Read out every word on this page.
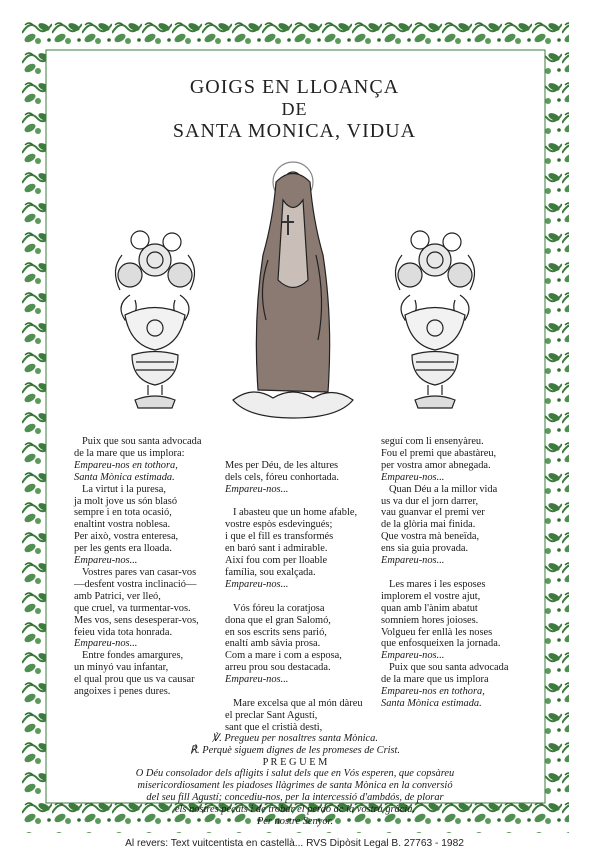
GOIGS EN LLOANÇA
DE
SANTA MONICA, VIDUA
Puix que sou santa advocada
de la mare que us implora:
Empareu-nos en tothora,
Santa Mònica estimada.
La virtut i la puresa,
ja molt jove us són blasó
sempre i en tota ocasió,
enaltint vostra noblesa.
Per això, vostra enteresa,
per les gents era lloada.
Empareu-nos...
Vostres pares van casar-vos
—desfent vostra inclinació—
amb Patrici, ver lleó,
que cruel, va turmentar-vos.
Mes vos, sens desesperar-vos,
feieu vida tota honrada.
Empareu-nos...
Entre fondes amargures,
un minyó vau infantar,
el qual prou que us va causar
angoixes i penes dures.

Mes per Déu, de les altures
dels cels, fóreu conhortada.
Empareu-nos...

I abasteu que un home afable,
vostre espòs esdevingués;
i que el fill es transformés
en baró sant i admirable.
Així fou com per lloable
família, sou exalçada.
Empareu-nos...

Vós fóreu la coratjosa
dona que el gran Salomó,
en sos escrits sens parió,
enaltí amb sàvia prosa.
Com a mare i com a esposa,
arreu prou sou destacada.
Empareu-nos...

Mare excelsa que al món dàreu
el preclar Sant Agustí,
sant que el cristià desti,
seguí com li ensenyàreu.
Fou el premi que abastàreu,
per vostra amor abnegada.
Empareu-nos...
Quan Déu a la millor vida
us va dur el jorn darrer,
vau guanvar el premi ver
de la glòria mai finida.
Que vostra mà beneïda,
ens sia guia provada.
Empareu-nos...

Les mares i les esposes
implorem el vostre ajut,
quan amb l'ànim abatut
somniem hores joioses.
Volgueu fer enllà les noses
que enfosqueixen la jornada.
Empareu-nos...
Puix que sou santa advocada
de la mare que us implora
Empareu-nos en tothora,
Santa Mònica estimada.
℣. Pregueu per nosaltres santa Mònica.
℟. Perquè siguem dignes de les promeses de Crist.
P R E G U E M
O Déu consolador dels afligits i salut dels que en Vós esperen, que copsàreu
misericordiosament les piadoses llàgrimes de santa Mònica en la conversió
del seu fill Agustí; concediu-nos, per la intercessió d'ambdós, de plorar
els nostres pecats i de trobar el perdó de la vostra gràcia.
Per nostre Senyor.
Al revers: Text vuitcentista en castellà... RVS Dipòsit Legal B. 27763 - 1982
